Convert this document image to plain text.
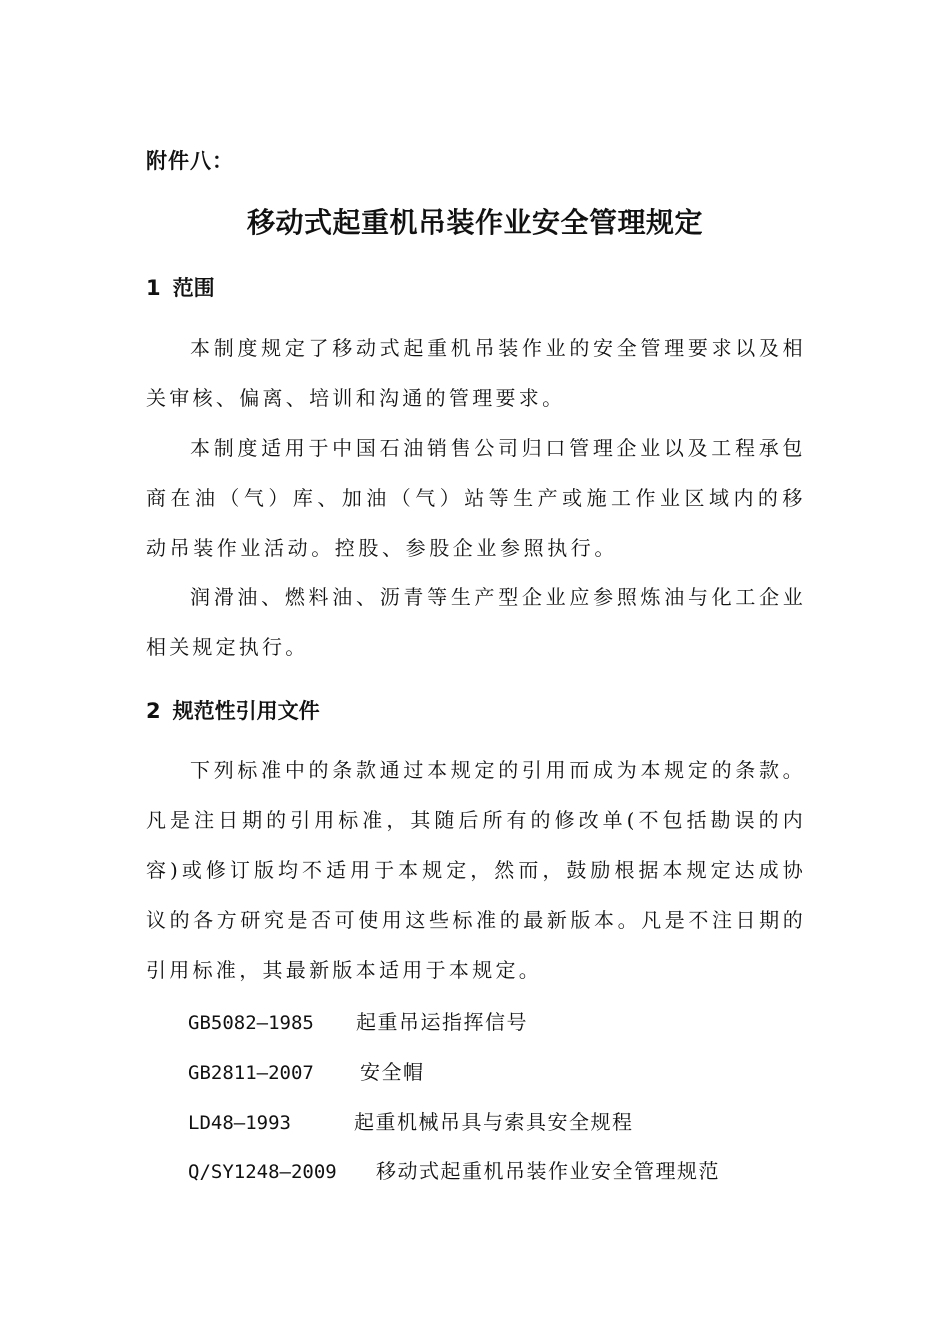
附件八：
移动式起重机吊装作业安全管理规定
1 范围
本制度规定了移动式起重机吊装作业的安全管理要求以及相关审核、偏离、培训和沟通的管理要求。
本制度适用于中国石油销售公司归口管理企业以及工程承包商在油（气）库、加油（气）站等生产或施工作业区域内的移动吊装作业活动。控股、参股企业参照执行。
润滑油、燃料油、沥青等生产型企业应参照炼油与化工企业相关规定执行。
2 规范性引用文件
下列标准中的条款通过本规定的引用而成为本规定的条款。凡是注日期的引用标准，其随后所有的修改单(不包括勘误的内容)或修订版均不适用于本规定，然而，鼓励根据本规定达成协议的各方研究是否可使用这些标准的最新版本。凡是不注日期的引用标准，其最新版本适用于本规定。
GB5082—1985 起重吊运指挥信号
GB2811—2007 安全帽
LD48—1993	起重机械吊具与索具安全规程
Q/SY1248—2009 移动式起重机吊装作业安全管理规范
